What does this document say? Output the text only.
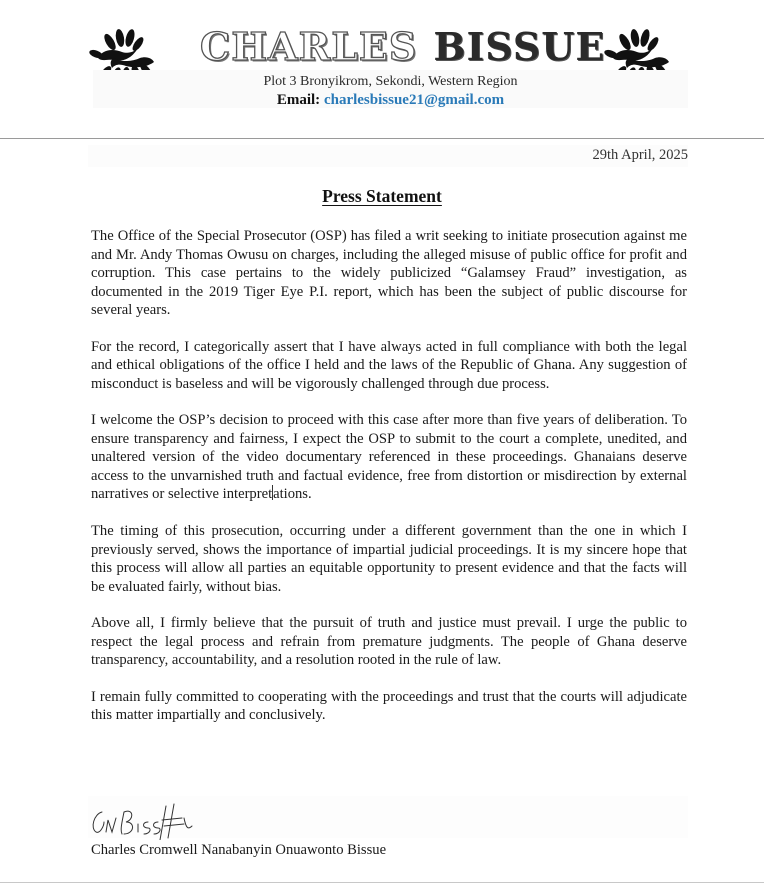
CHARLES BISSUE
Plot 3 Bronyikrom, Sekondi, Western Region
Email: charlesbissue21@gmail.com
29th April, 2025
Press Statement

The Office of the Special Prosecutor (OSP) has filed a writ seeking to initiate prosecution against me and Mr. Andy Thomas Owusu on charges, including the alleged misuse of public office for profit and corruption. This case pertains to the widely publicized “Galamsey Fraud” investigation, as documented in the 2019 Tiger Eye P.I. report, which has been the subject of public discourse for several years.

For the record, I categorically assert that I have always acted in full compliance with both the legal and ethical obligations of the office I held and the laws of the Republic of Ghana. Any suggestion of misconduct is baseless and will be vigorously challenged through due process.

I welcome the OSP’s decision to proceed with this case after more than five years of deliberation. To ensure transparency and fairness, I expect the OSP to submit to the court a complete, unedited, and unaltered version of the video documentary referenced in these proceedings. Ghanaians deserve access to the unvarnished truth and factual evidence, free from distortion or misdirection by external narratives or selective interpretations.

The timing of this prosecution, occurring under a different government than the one in which I previously served, shows the importance of impartial judicial proceedings. It is my sincere hope that this process will allow all parties an equitable opportunity to present evidence and that the facts will be evaluated fairly, without bias.

Above all, I firmly believe that the pursuit of truth and justice must prevail. I urge the public to respect the legal process and refrain from premature judgments. The people of Ghana deserve transparency, accountability, and a resolution rooted in the rule of law.

I remain fully committed to cooperating with the proceedings and trust that the courts will adjudicate this matter impartially and conclusively.

Charles Cromwell Nanabanyin Onuawonto Bissue
